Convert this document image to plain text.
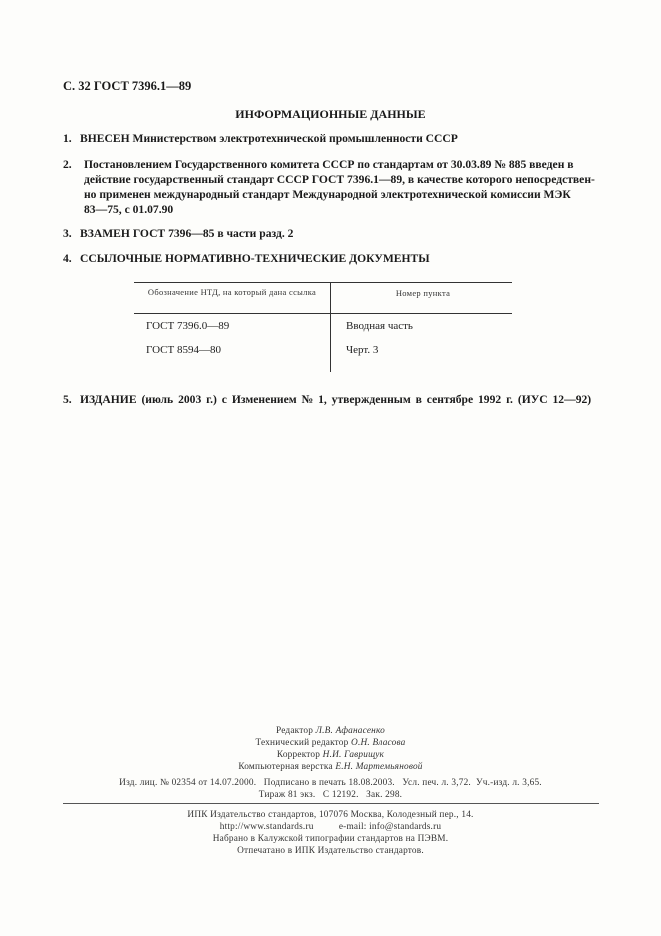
С. 32 ГОСТ 7396.1—89
ИНФОРМАЦИОННЫЕ ДАННЫЕ
1. ВНЕСЕН Министерством электротехнической промышленности СССР
2.	Постановлением Государственного комитета СССР по стандартам от 30.03.89 № 885 введен в
действие государственный стандарт СССР ГОСТ 7396.1—89, в качестве которого непосредствен-
но применен международный стандарт Международной электротехнической комиссии МЭК
83—75, с 01.07.90
3. ВЗАМЕН ГОСТ 7396—85 в части разд. 2
4. ССЫЛОЧНЫЕ НОРМАТИВНО-ТЕХНИЧЕСКИЕ ДОКУМЕНТЫ
Обозначение НТД, на который дана ссылка	Номер пункта
ГОСТ 7396.0—89	Вводная часть
ГОСТ 8594—80	Черт. 3
5. ИЗДАНИЕ (июль 2003 г.) с Изменением № 1, утвержденным в сентябре 1992 г. (ИУС 12—92)
Редактор Л.В. Афанасенко
Технический редактор О.Н. Власова
Корректор Н.И. Гаврищук
Компьютерная верстка Е.Н. Мартемьяновой
Изд. лиц. № 02354 от 14.07.2000.   Подписано в печать 18.08.2003.   Усл. печ. л. 3,72.  Уч.-изд. л. 3,65.
Тираж 81 экз.   С 12192.   Зак. 298.
ИПК Издательство стандартов, 107076 Москва, Колодезный пер., 14.
http://www.standards.ru          e-mail: info@standards.ru
Набрано в Калужской типографии стандартов на ПЭВМ.
Отпечатано в ИПК Издательство стандартов.
